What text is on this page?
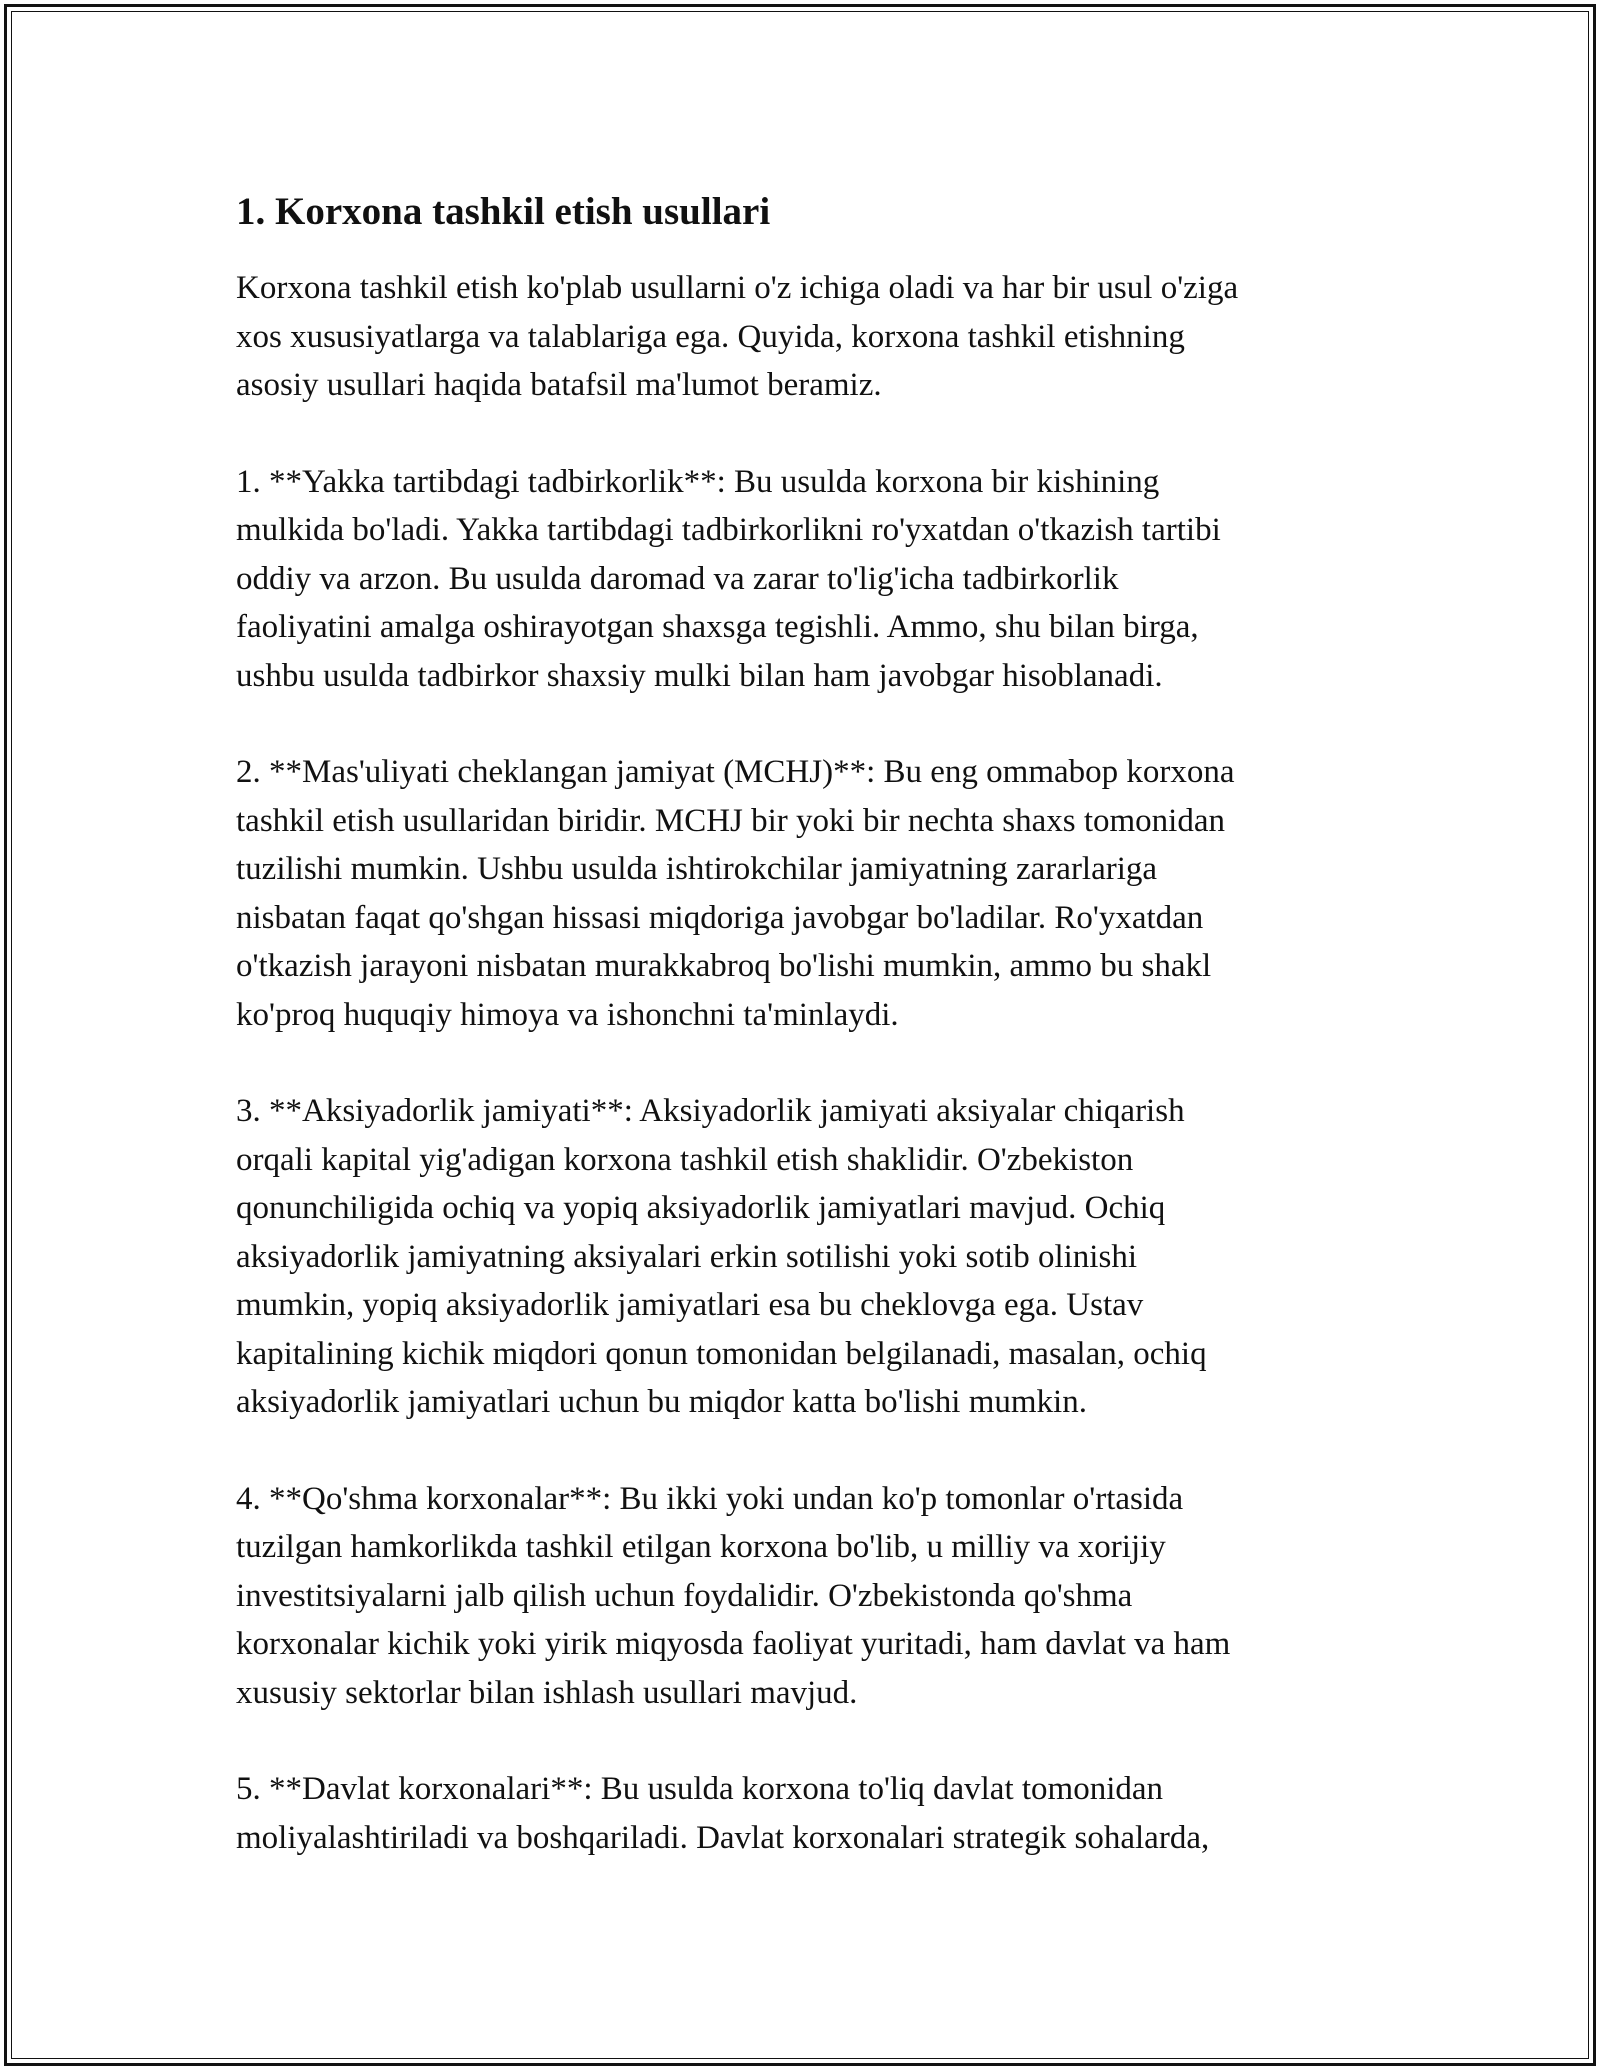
1. Korxona tashkil etish usullari

Korxona tashkil etish ko'plab usullarni o'z ichiga oladi va har bir usul o'ziga
xos xususiyatlarga va talablariga ega. Quyida, korxona tashkil etishning
asosiy usullari haqida batafsil ma'lumot beramiz.

1. **Yakka tartibdagi tadbirkorlik**: Bu usulda korxona bir kishining
mulkida bo'ladi. Yakka tartibdagi tadbirkorlikni ro'yxatdan o'tkazish tartibi
oddiy va arzon. Bu usulda daromad va zarar to'lig'icha tadbirkorlik
faoliyatini amalga oshirayotgan shaxsga tegishli. Ammo, shu bilan birga,
ushbu usulda tadbirkor shaxsiy mulki bilan ham javobgar hisoblanadi.

2. **Mas'uliyati cheklangan jamiyat (MCHJ)**: Bu eng ommabop korxona
tashkil etish usullaridan biridir. MCHJ bir yoki bir nechta shaxs tomonidan
tuzilishi mumkin. Ushbu usulda ishtirokchilar jamiyatning zararlariga
nisbatan faqat qo'shgan hissasi miqdoriga javobgar bo'ladilar. Ro'yxatdan
o'tkazish jarayoni nisbatan murakkabroq bo'lishi mumkin, ammo bu shakl
ko'proq huquqiy himoya va ishonchni ta'minlaydi.

3. **Aksiyadorlik jamiyati**: Aksiyadorlik jamiyati aksiyalar chiqarish
orqali kapital yig'adigan korxona tashkil etish shaklidir. O'zbekiston
qonunchiligida ochiq va yopiq aksiyadorlik jamiyatlari mavjud. Ochiq
aksiyadorlik jamiyatning aksiyalari erkin sotilishi yoki sotib olinishi
mumkin, yopiq aksiyadorlik jamiyatlari esa bu cheklovga ega. Ustav
kapitalining kichik miqdori qonun tomonidan belgilanadi, masalan, ochiq
aksiyadorlik jamiyatlari uchun bu miqdor katta bo'lishi mumkin.

4. **Qo'shma korxonalar**: Bu ikki yoki undan ko'p tomonlar o'rtasida
tuzilgan hamkorlikda tashkil etilgan korxona bo'lib, u milliy va xorijiy
investitsiyalarni jalb qilish uchun foydalidir. O'zbekistonda qo'shma
korxonalar kichik yoki yirik miqyosda faoliyat yuritadi, ham davlat va ham
xususiy sektorlar bilan ishlash usullari mavjud.

5. **Davlat korxonalari**: Bu usulda korxona to'liq davlat tomonidan
moliyalashtiriladi va boshqariladi. Davlat korxonalari strategik sohalarda,
